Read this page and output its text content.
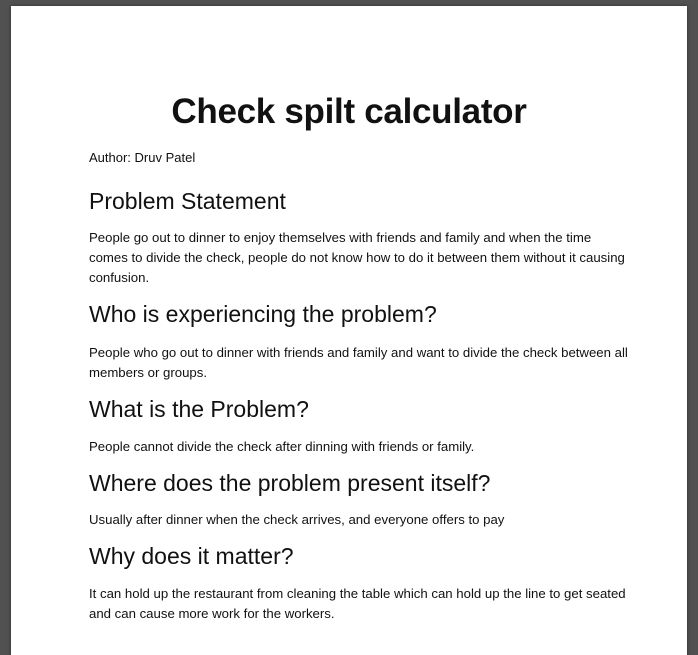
Check spilt calculator

Author: Druv Patel

Problem Statement

People go out to dinner to enjoy themselves with friends and family and when the time comes to divide the check, people do not know how to do it between them without it causing confusion.

Who is experiencing the problem?

People who go out to dinner with friends and family and want to divide the check between all members or groups.

What is the Problem?

People cannot divide the check after dinning with friends or family.

Where does the problem present itself?

Usually after dinner when the check arrives, and everyone offers to pay

Why does it matter?

It can hold up the restaurant from cleaning the table which can hold up the line to get seated and can cause more work for the workers.
